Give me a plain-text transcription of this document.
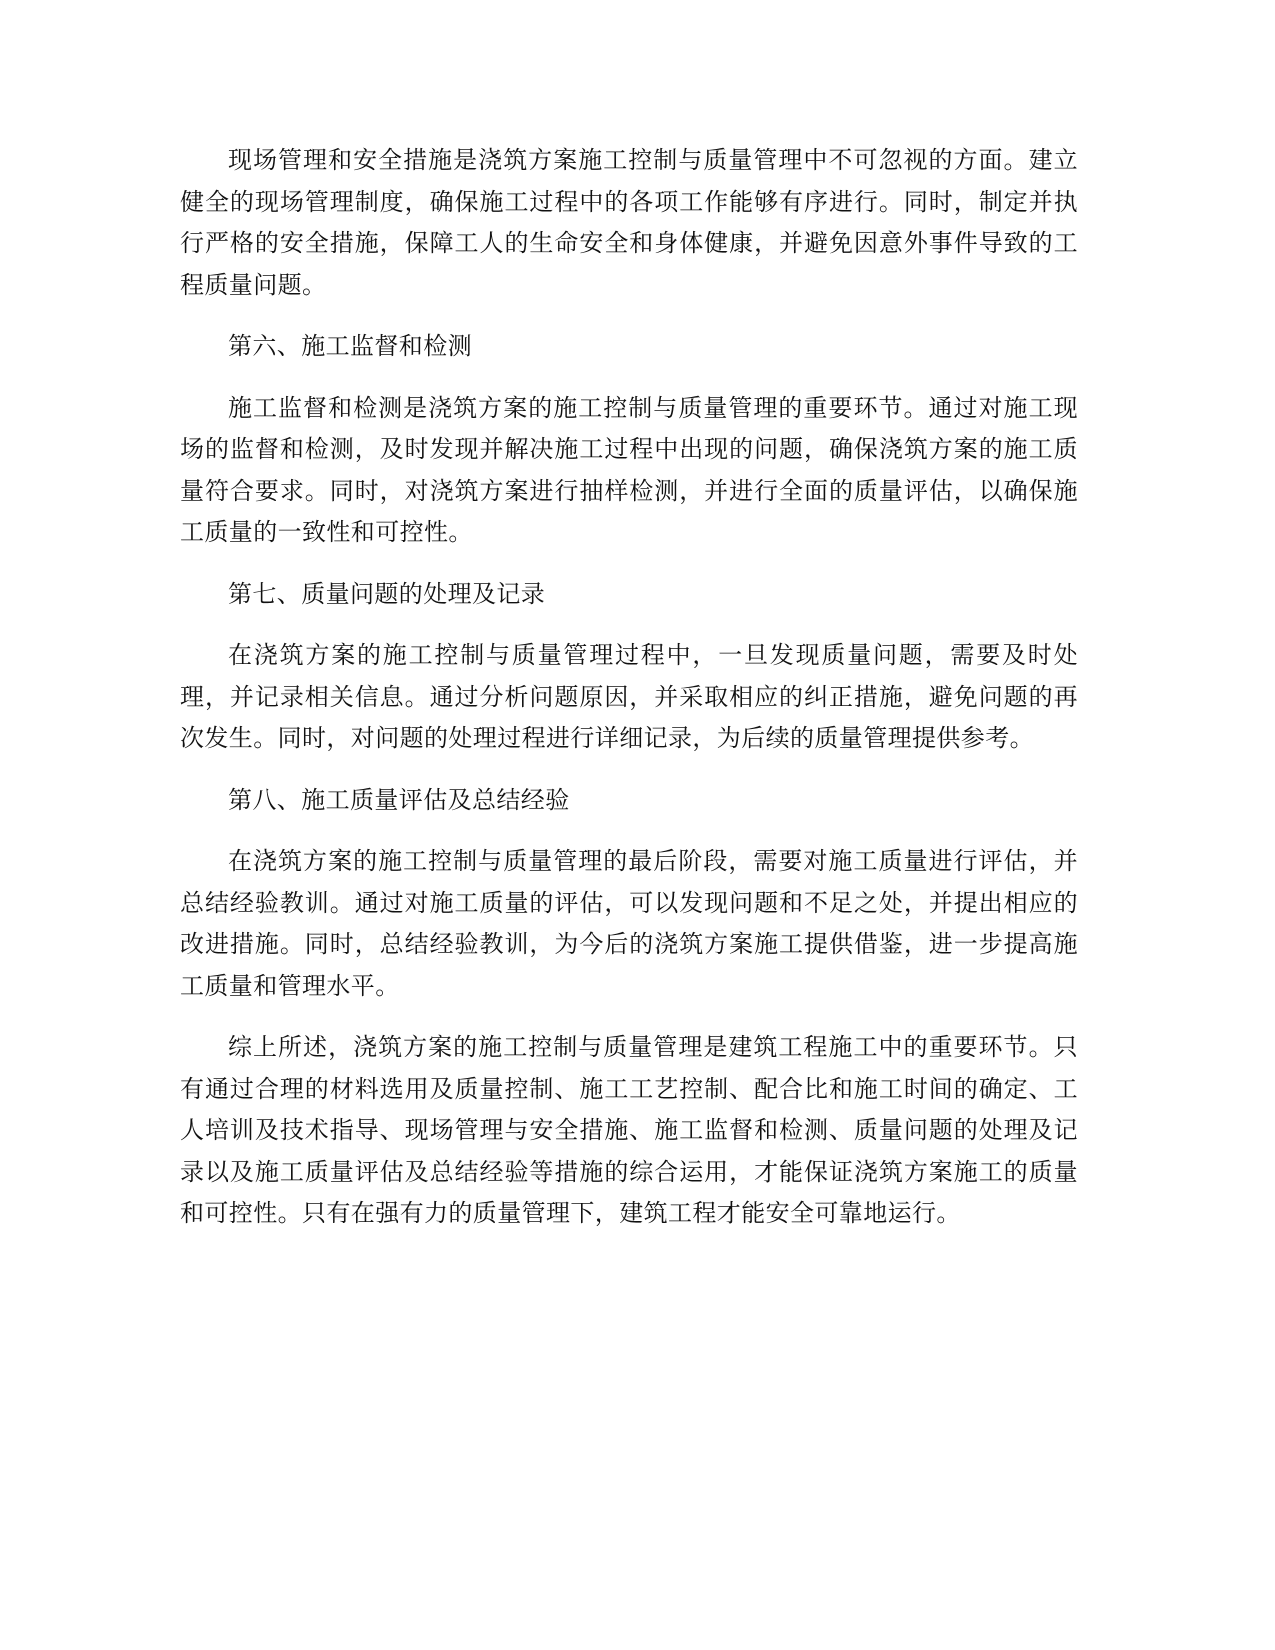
现场管理和安全措施是浇筑方案施工控制与质量管理中不可忽视的方面。建立健全的现场管理制度，确保施工过程中的各项工作能够有序进行。同时，制定并执行严格的安全措施，保障工人的生命安全和身体健康，并避免因意外事件导致的工程质量问题。

第六、施工监督和检测

施工监督和检测是浇筑方案的施工控制与质量管理的重要环节。通过对施工现场的监督和检测，及时发现并解决施工过程中出现的问题，确保浇筑方案的施工质量符合要求。同时，对浇筑方案进行抽样检测，并进行全面的质量评估，以确保施工质量的一致性和可控性。

第七、质量问题的处理及记录

在浇筑方案的施工控制与质量管理过程中，一旦发现质量问题，需要及时处理，并记录相关信息。通过分析问题原因，并采取相应的纠正措施，避免问题的再次发生。同时，对问题的处理过程进行详细记录，为后续的质量管理提供参考。

第八、施工质量评估及总结经验

在浇筑方案的施工控制与质量管理的最后阶段，需要对施工质量进行评估，并总结经验教训。通过对施工质量的评估，可以发现问题和不足之处，并提出相应的改进措施。同时，总结经验教训，为今后的浇筑方案施工提供借鉴，进一步提高施工质量和管理水平。

综上所述，浇筑方案的施工控制与质量管理是建筑工程施工中的重要环节。只有通过合理的材料选用及质量控制、施工工艺控制、配合比和施工时间的确定、工人培训及技术指导、现场管理与安全措施、施工监督和检测、质量问题的处理及记录以及施工质量评估及总结经验等措施的综合运用，才能保证浇筑方案施工的质量和可控性。只有在强有力的质量管理下，建筑工程才能安全可靠地运行。
